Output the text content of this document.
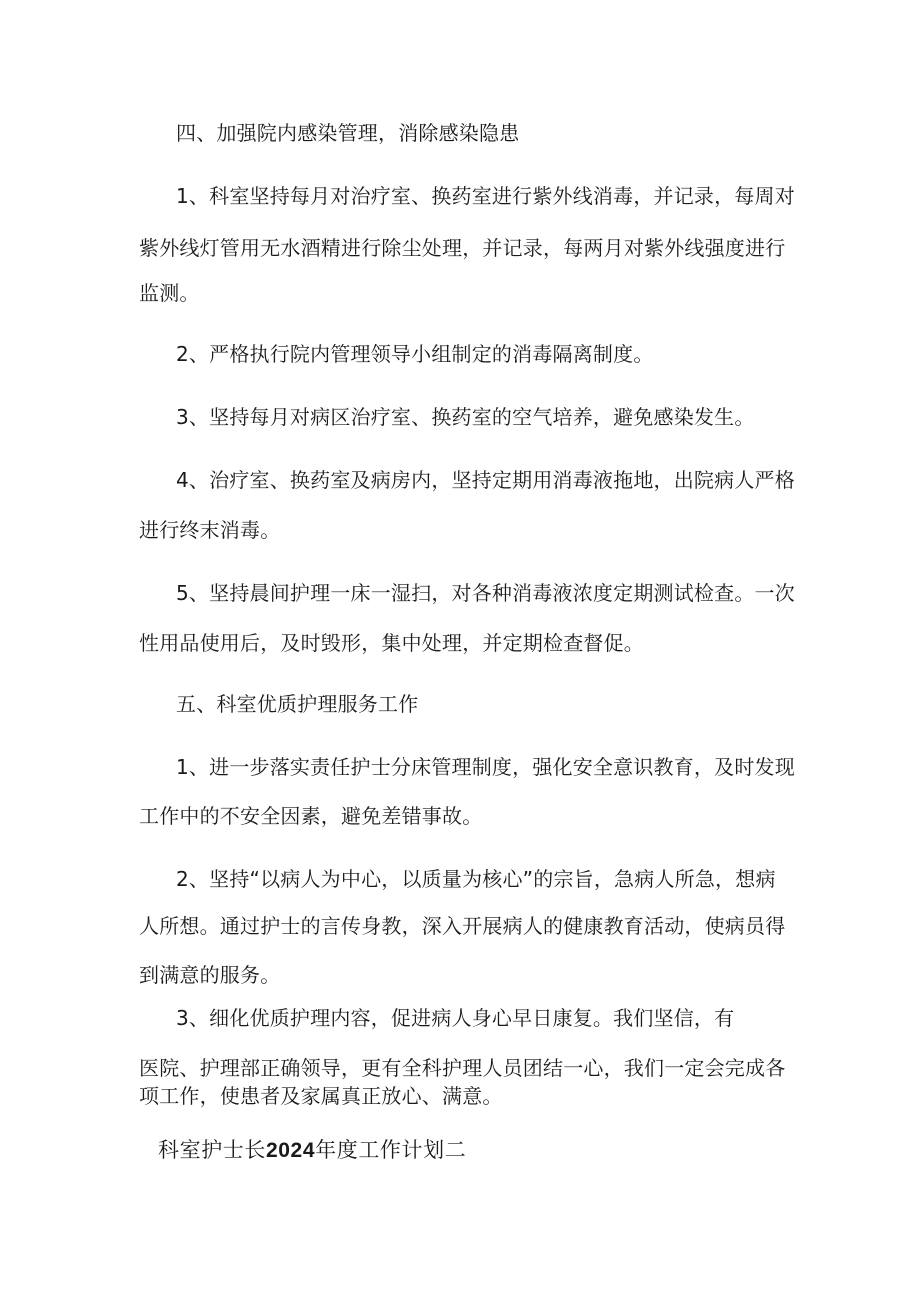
四、加强院内感染管理，消除感染隐患
1、科室坚持每月对治疗室、换药室进行紫外线消毒，并记录，每周对
紫外线灯管用无水酒精进行除尘处理，并记录，每两月对紫外线强度进行
监测。
2、严格执行院内管理领导小组制定的消毒隔离制度。
3、坚持每月对病区治疗室、换药室的空气培养，避免感染发生。
4、治疗室、换药室及病房内，坚持定期用消毒液拖地，出院病人严格
进行终末消毒。
5、坚持晨间护理一床一湿扫，对各种消毒液浓度定期测试检查。一次
性用品使用后，及时毁形，集中处理，并定期检查督促。
五、科室优质护理服务工作
1、进一步落实责任护士分床管理制度，强化安全意识教育，及时发现
工作中的不安全因素，避免差错事故。
2、坚持“以病人为中心，以质量为核心”的宗旨，急病人所急，想病
人所想。通过护士的言传身教，深入开展病人的健康教育活动，使病员得
到满意的服务。
3、细化优质护理内容，促进病人身心早日康复。我们坚信，有
医院、护理部正确领导，更有全科护理人员团结一心，我们一定会完成各
项工作，使患者及家属真正放心、满意。
科室护士长2024年度工作计划二
